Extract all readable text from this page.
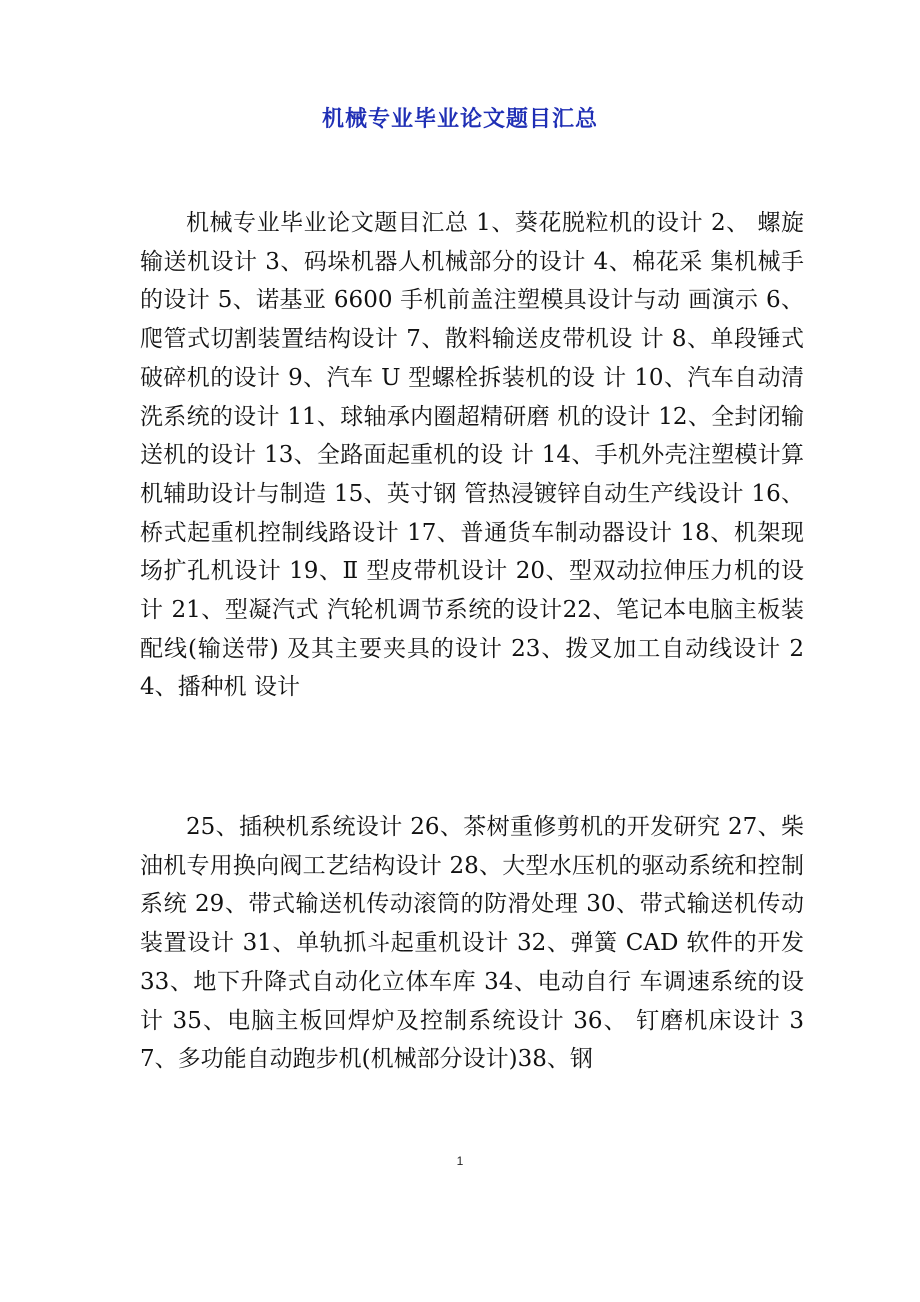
机械专业毕业论文题目汇总

机械专业毕业论文题目汇总 1、葵花脱粒机的设计 2、 螺旋输送机设计 3、码垛机器人机械部分的设计 4、棉花采 集机械手的设计 5、诺基亚 6600 手机前盖注塑模具设计与动 画演示 6、爬管式切割装置结构设计 7、散料输送皮带机设 计 8、单段锤式破碎机的设计 9、汽车 U 型螺栓拆装机的设 计 10、汽车自动清洗系统的设计 11、球轴承内圈超精研磨 机的设计 12、全封闭输送机的设计 13、全路面起重机的设 计 14、手机外壳注塑模计算机辅助设计与制造 15、英寸钢 管热浸镀锌自动生产线设计 16、桥式起重机控制线路设计 17、普通货车制动器设计 18、机架现场扩孔机设计 19、Ⅱ 型皮带机设计 20、型双动拉伸压力机的设计 21、型凝汽式 汽轮机调节系统的设计22、笔记本电脑主板装配线(输送带) 及其主要夹具的设计 23、拨叉加工自动线设计 24、播种机 设计

25、插秧机系统设计 26、茶树重修剪机的开发研究 27、柴油机专用换向阀工艺结构设计 28、大型水压机的驱动系统和控制系统 29、带式输送机传动滚筒的防滑处理 30、带式输送机传动装置设计 31、单轨抓斗起重机设计 32、弹簧 CAD 软件的开发 33、地下升降式自动化立体车库 34、电动自行 车调速系统的设计 35、电脑主板回焊炉及控制系统设计 36、 钉磨机床设计 37、多功能自动跑步机(机械部分设计)38、钢

1
